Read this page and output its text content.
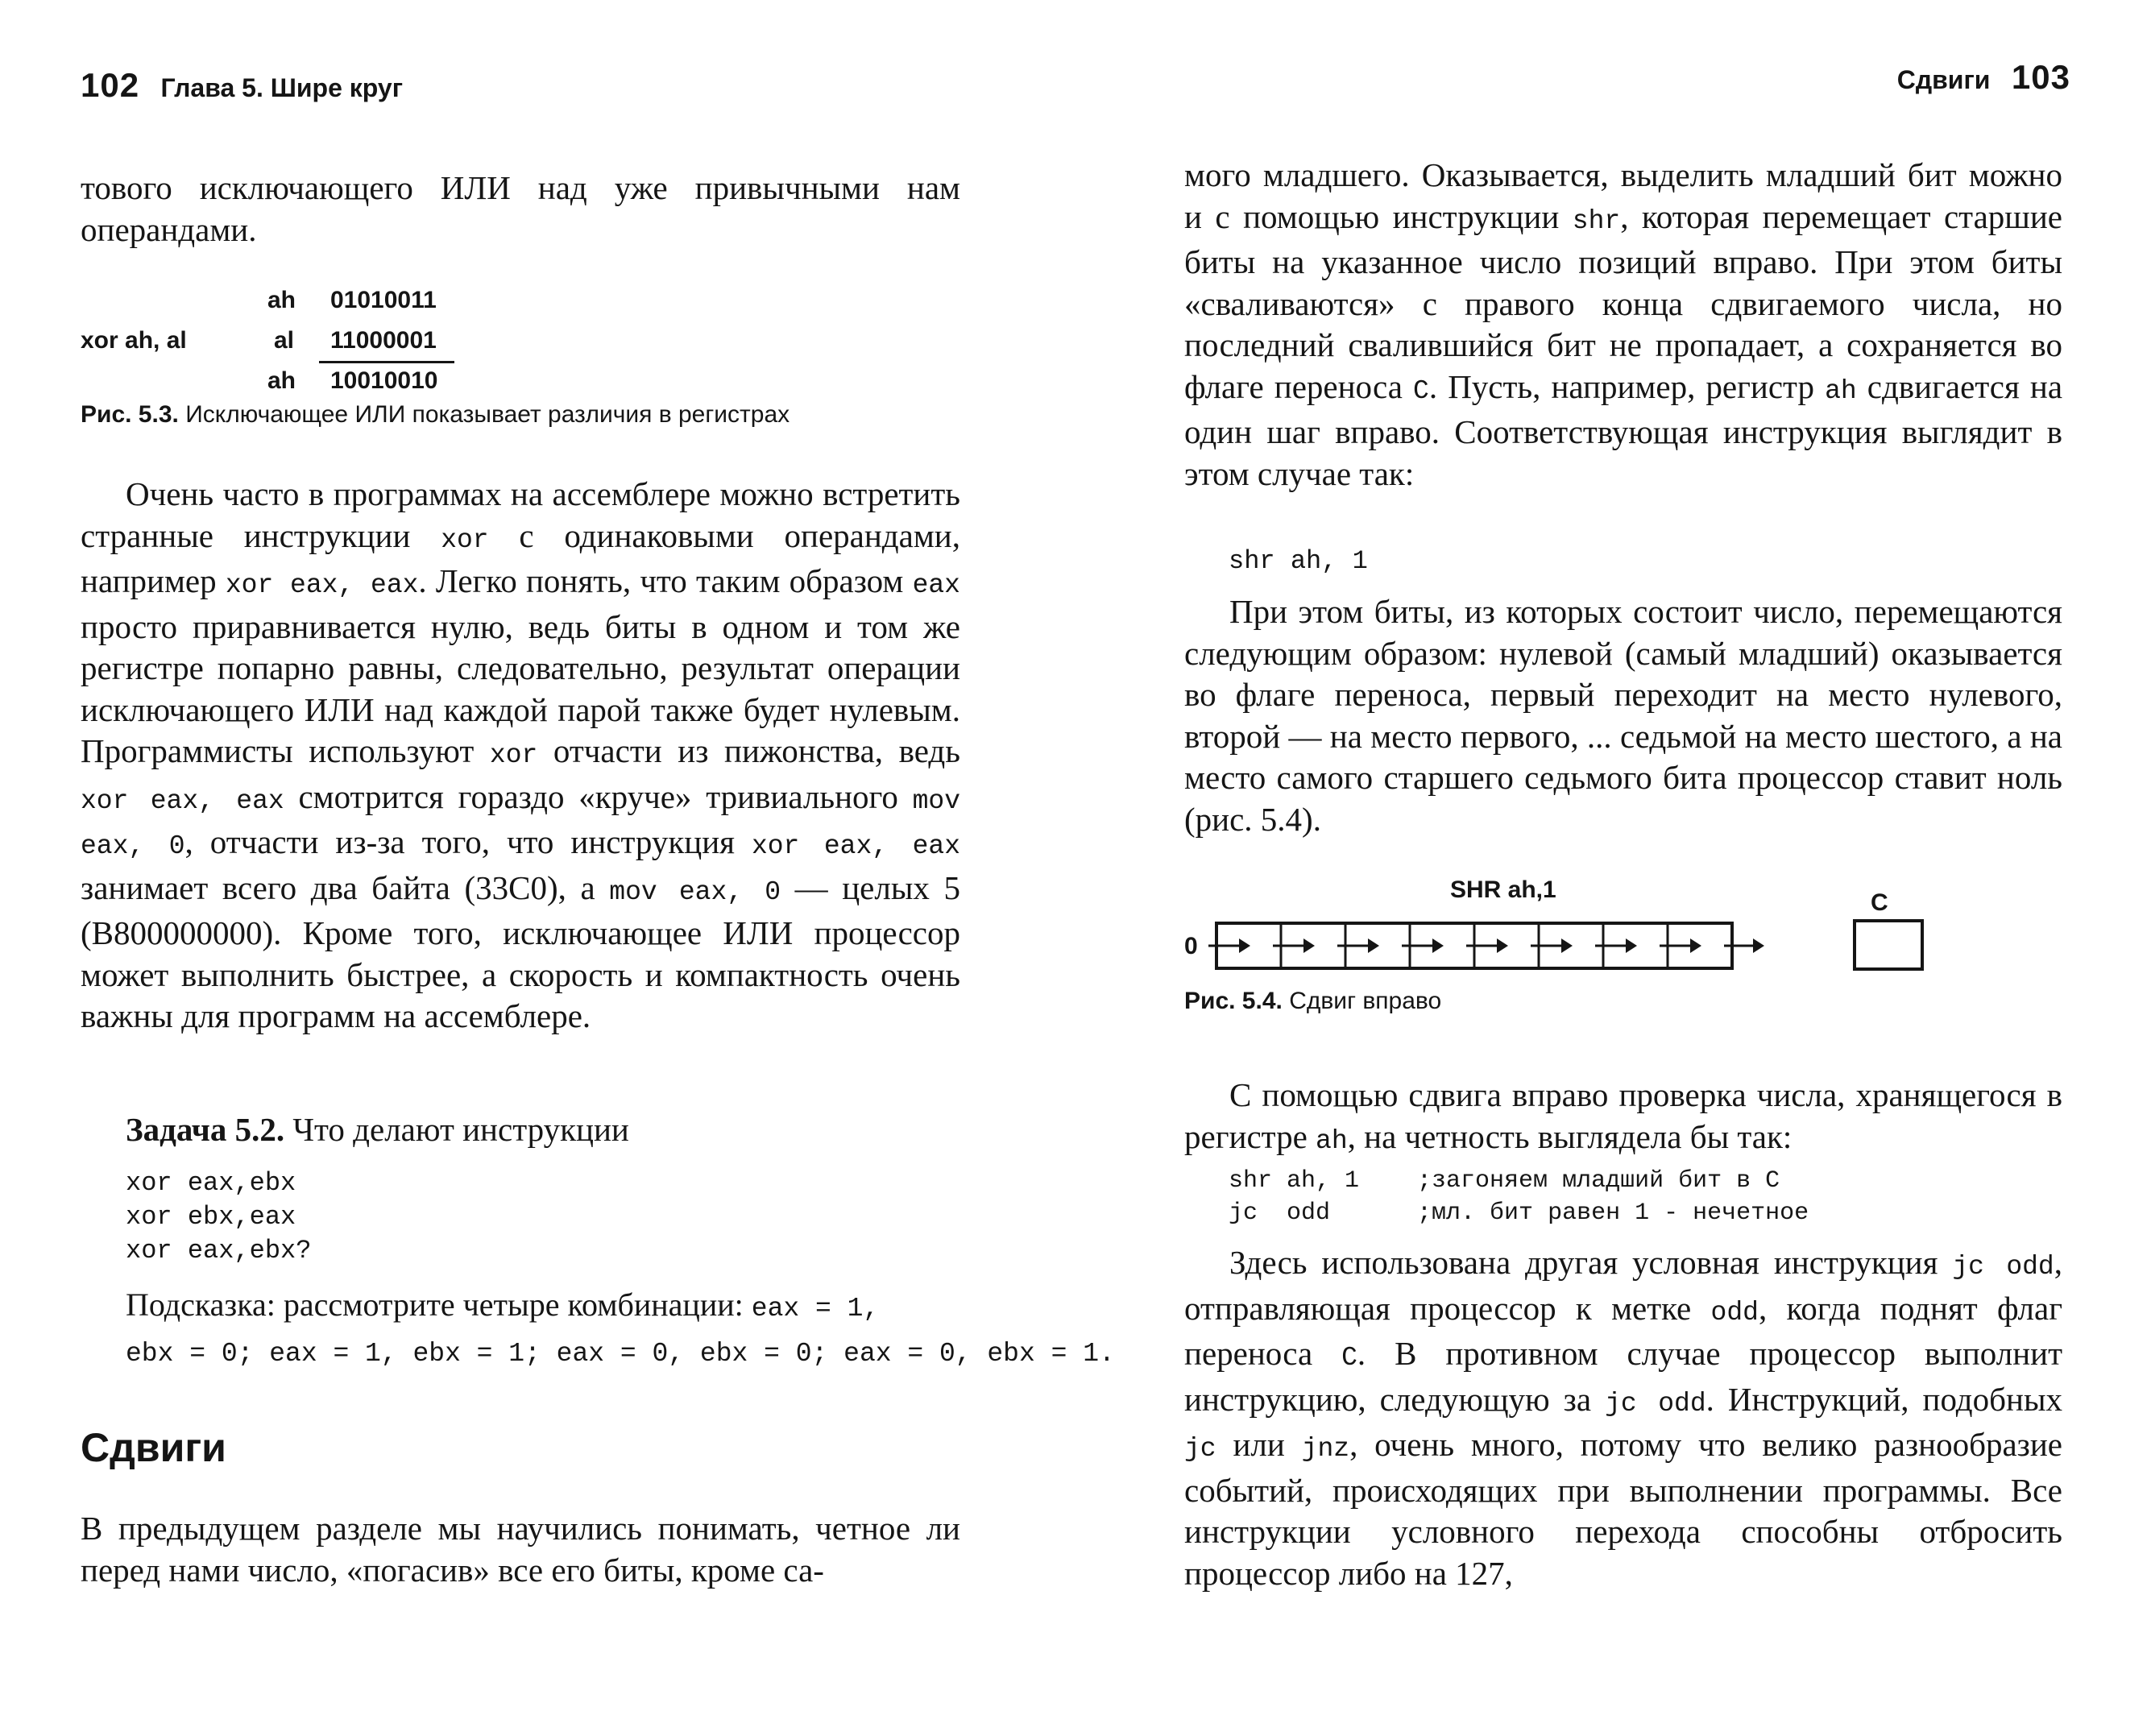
102 Глава 5. Шире круг

тового исключающего ИЛИ над уже привычными нам операндами.

xor ah, al
ah 01010011
al 11000001
ah 10010010
Рис. 5.3. Исключающее ИЛИ показывает различия в регистрах

Очень часто в программах на ассемблере можно встретить странные инструкции xor с одинаковыми операндами, например xor eax, eax. Легко понять, что таким образом eax просто приравнивается нулю, ведь биты в одном и том же регистре попарно равны, следовательно, результат операции исключающего ИЛИ над каждой парой также будет нулевым. Программисты используют xor отчасти из пижонства, ведь xor eax, eax смотрится гораздо «круче» тривиального mov eax, 0, отчасти из-за того, что инструкция xor eax, eax занимает всего два байта (33C0), а mov eax, 0 — целых 5 (B800000000). Кроме того, исключающее ИЛИ процессор может выполнить быстрее, а скорость и компактность очень важны для программ на ассемблере.

Задача 5.2. Что делают инструкции
xor eax,ebx
xor ebx,eax
xor eax,ebx?
Подсказка: рассмотрите четыре комбинации: eax = 1,
ebx = 0; eax = 1, ebx = 1; eax = 0, ebx = 0; eax = 0, ebx = 1.
Сдвиги

В предыдущем разделе мы научились понимать, четное ли перед нами число, «погасив» все его биты, кроме са-

Сдвиги 103

мого младшего. Оказывается, выделить младший бит можно и с помощью инструкции shr, которая перемещает старшие биты на указанное число позиций вправо. При этом биты «сваливаются» с правого конца сдвигаемого числа, но последний свалившийся бит не пропадает, а сохраняется во флаге переноса C. Пусть, например, регистр ah сдвигается на один шаг вправо. Соответствующая инструкция выглядит в этом случае так:

shr ah, 1

При этом биты, из которых состоит число, перемещаются следующим образом: нулевой (самый младший) оказывается во флаге переноса, первый переходит на место нулевого, второй — на место первого, ... седьмой на место шестого, а на место самого старшего седьмого бита процессор ставит ноль (рис. 5.4).

SHR ah,1
0
C
Рис. 5.4. Сдвиг вправо

С помощью сдвига вправо проверка числа, хранящегося в регистре ah, на четность выглядела бы так:

shr ah, 1    ;загоняем младший бит в C
jc  odd      ;мл. бит равен 1 - нечетное

Здесь использована другая условная инструкция jc odd, отправляющая процессор к метке odd, когда поднят флаг переноса C. В противном случае процессор выполнит инструкцию, следующую за jc odd. Инструкций, подобных jc или jnz, очень много, потому что велико разнообразие событий, происходящих при выполнении программы. Все инструкции условного перехода способны отбросить процессор либо на 127,
